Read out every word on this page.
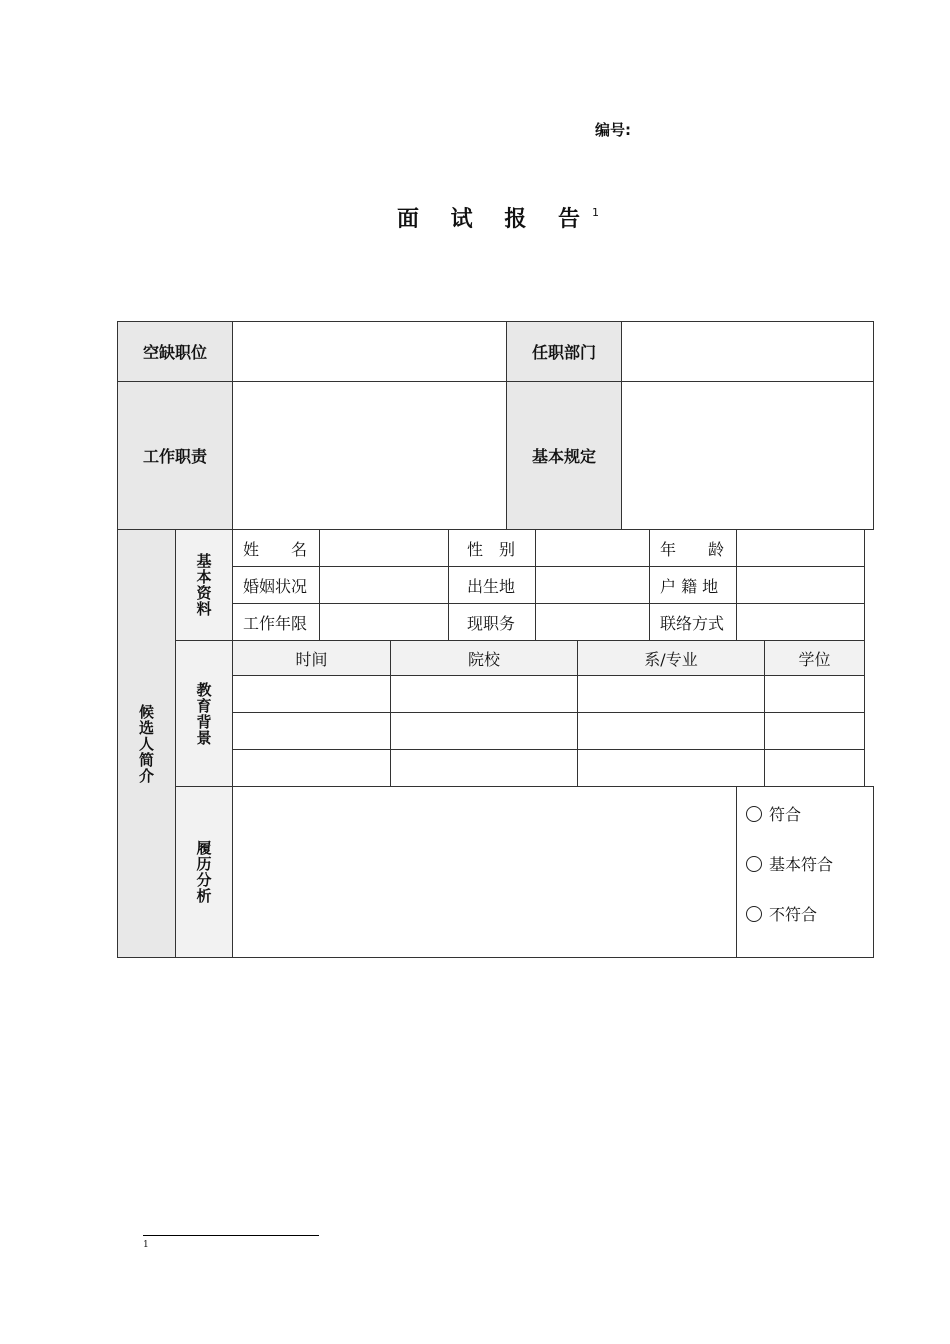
编号:
面 试 报 告$^1$
空缺职位	任职部门
工作职责	基本规定
候选人简介
基本资料
姓　　名	性　别	年　　龄
婚姻状况	出生地	户 籍 地
工作年限	现职务	联络方式
教育背景
时间	院校	系/专业	学位
履历分析
符合
基本符合
不符合
1
